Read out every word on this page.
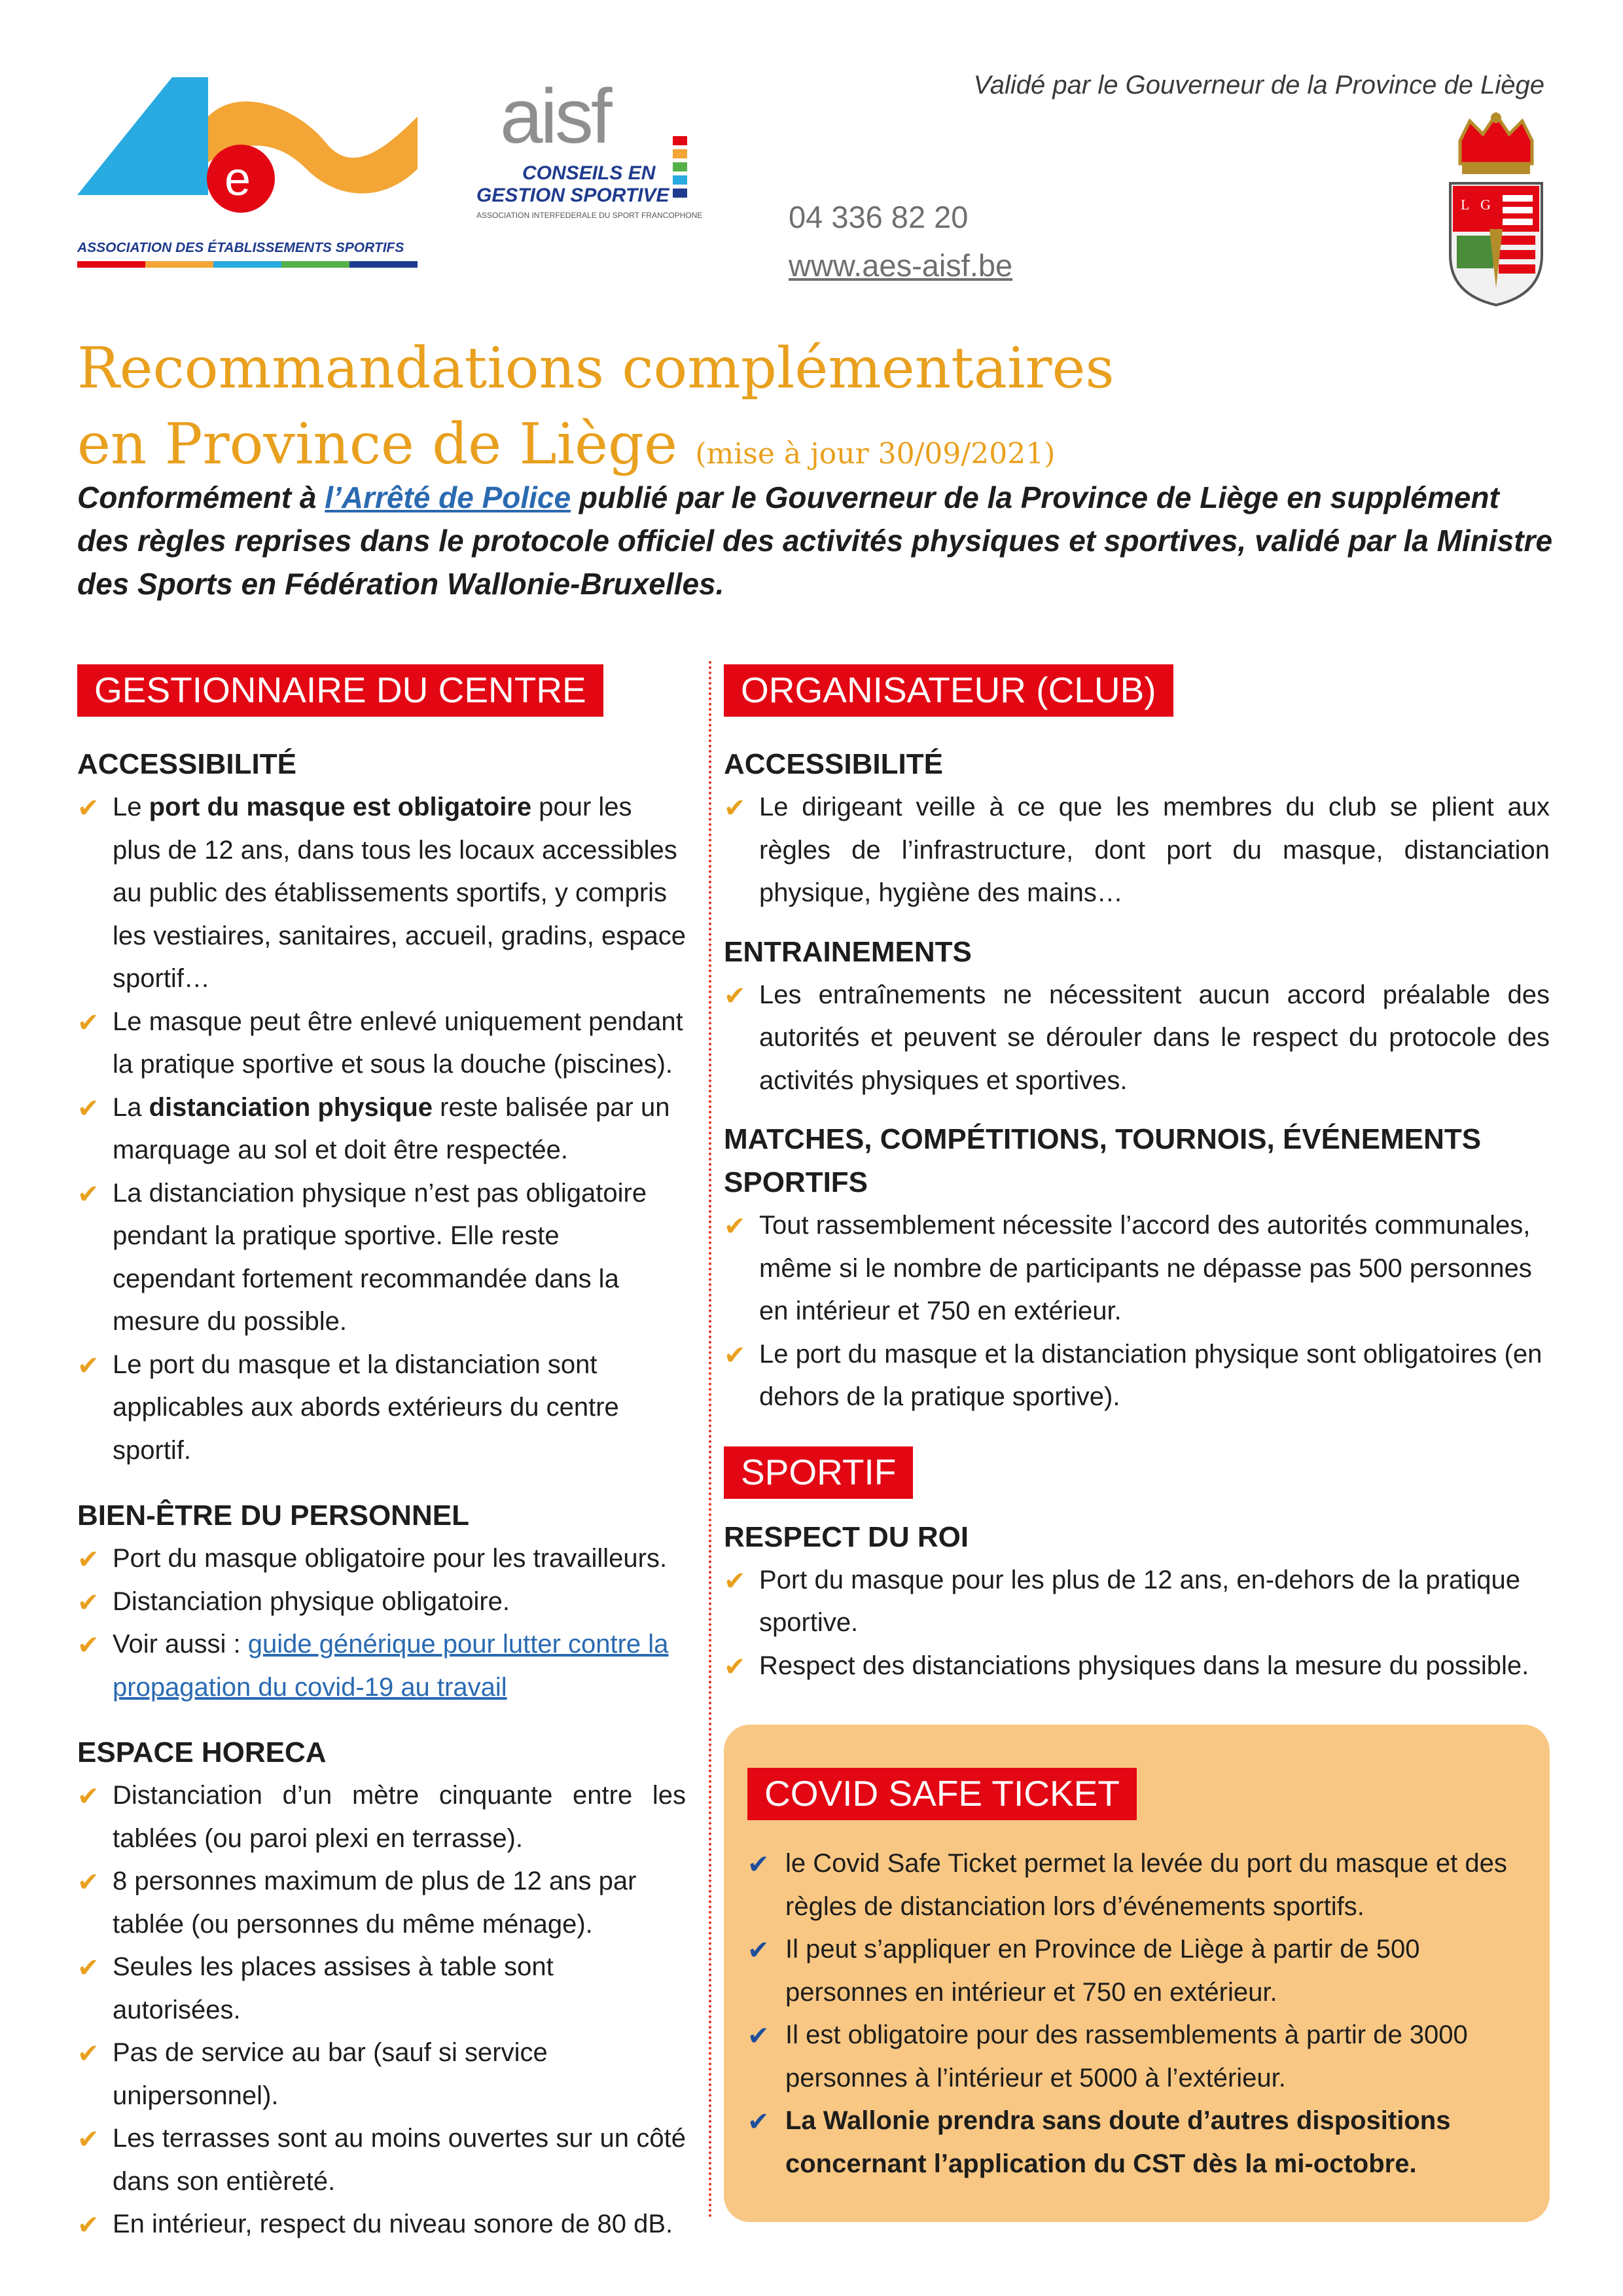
e
ASSOCIATION DES ÉTABLISSEMENTS SPORTIFS
aisf
CONSEILS EN
GESTION SPORTIVE
ASSOCIATION INTERFEDERALE DU SPORT FRANCOPHONE	04 336 82 20
www.aes-aisf.be
Validé par le Gouverneur de la Province de Liège
L G
Recommandations complémentaires
en Province de Liège (mise à jour 30/09/2021)
Conformément à l’Arrêté de Police publié par le Gouverneur de la Province de Liège en supplément des règles reprises dans le protocole officiel des activités physiques et sportives, validé par la Ministre des Sports en Fédération Wallonie-Bruxelles.
GESTIONNAIRE DU CENTRE
ACCESSIBILITÉ
✔ Le port du masque est obligatoire pour les plus de 12 ans, dans tous les locaux accessibles au public des établissements sportifs, y compris les vestiaires, sanitaires, accueil, gradins, espace sportif…
✔ Le masque peut être enlevé uniquement pendant la pratique sportive et sous la douche (piscines).
✔ La distanciation physique reste balisée par un marquage au sol et doit être respectée.
✔ La distanciation physique n’est pas obligatoire pendant la pratique sportive. Elle reste cependant fortement recommandée dans la mesure du possible.
✔ Le port du masque et la distanciation sont applicables aux abords extérieurs du centre sportif.
BIEN-ÊTRE DU PERSONNEL
✔ Port du masque obligatoire pour les travailleurs.
✔ Distanciation physique obligatoire.
✔ Voir aussi : guide générique pour lutter contre la propagation du covid-19 au travail
ESPACE HORECA
✔ Distanciation d’un mètre cinquante entre les tablées (ou paroi plexi en terrasse).
✔ 8 personnes maximum de plus de 12 ans par tablée (ou personnes du même ménage).
✔ Seules les places assises à table sont autorisées.
✔ Pas de service au bar (sauf si service unipersonnel).
✔ Les terrasses sont au moins ouvertes sur un côté dans son entièreté.
✔ En intérieur, respect du niveau sonore de 80 dB.
ORGANISATEUR (CLUB)
ACCESSIBILITÉ
✔ Le dirigeant veille à ce que les membres du club se plient aux règles de l’infrastructure, dont port du masque, distanciation physique, hygiène des mains…
ENTRAINEMENTS
✔ Les entraînements ne nécessitent aucun accord préalable des autorités et peuvent se dérouler dans le respect du protocole des activités physiques et sportives.
MATCHES, COMPÉTITIONS, TOURNOIS, ÉVÉNEMENTS SPORTIFS
✔ Tout rassemblement nécessite l’accord des autorités communales, même si le nombre de participants ne dépasse pas 500 personnes en intérieur et 750 en extérieur.
✔ Le port du masque et la distanciation physique sont obligatoires (en dehors de la pratique sportive).
SPORTIF
RESPECT DU ROI
✔ Port du masque pour les plus de 12 ans, en-dehors de la pratique sportive.
✔ Respect des distanciations physiques dans la mesure du possible.
COVID SAFE TICKET
✔ le Covid Safe Ticket permet la levée du port du masque et des règles de distanciation lors d’événements sportifs.
✔ Il peut s’appliquer en Province de Liège à partir de 500 personnes en intérieur et 750 en extérieur.
✔ Il est obligatoire pour des rassemblements à partir de 3000 personnes à l’intérieur et 5000 à l’extérieur.
✔ La Wallonie prendra sans doute d’autres dispositions concernant l’application du CST dès la mi-octobre.
